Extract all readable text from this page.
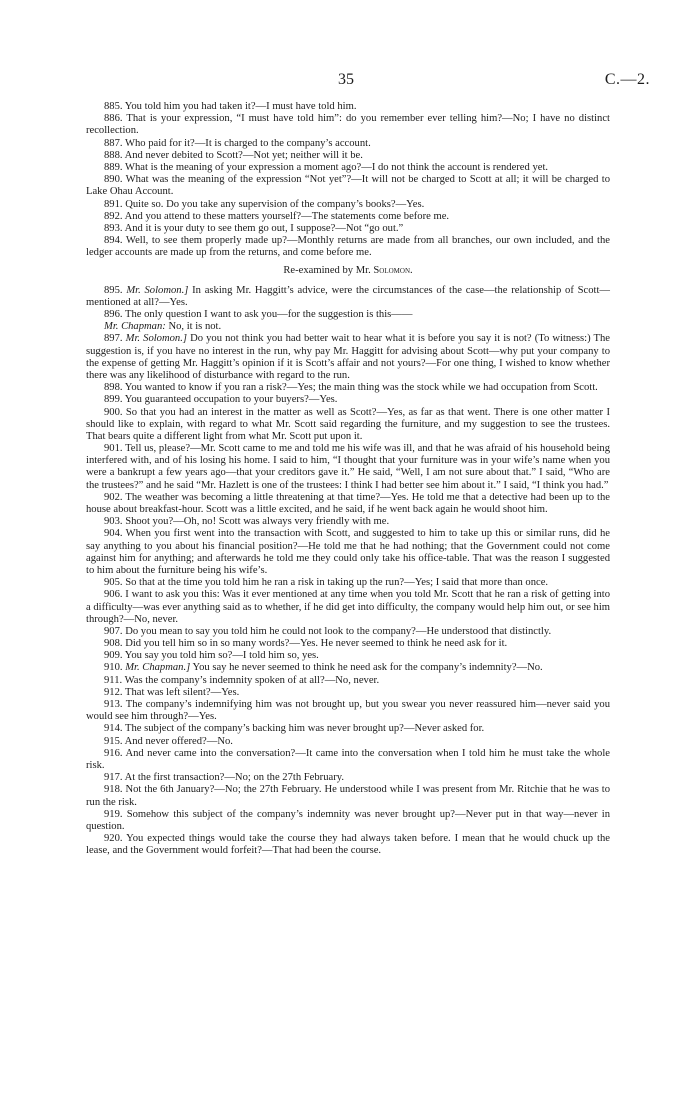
35	C.—2.

885. You told him you had taken it?—I must have told him.

886. That is your expression, “I must have told him”: do you remember ever telling him?—No; I have no distinct recollection.

887. Who paid for it?—It is charged to the company’s account.

888. And never debited to Scott?—Not yet; neither will it be.

889. What is the meaning of your expression a moment ago?—I do not think the account is rendered yet.

890. What was the meaning of the expression “Not yet”?—It will not be charged to Scott at all; it will be charged to Lake Ohau Account.

891. Quite so. Do you take any supervision of the company’s books?—Yes.

892. And you attend to these matters yourself?—The statements come before me.

893. And it is your duty to see them go out, I suppose?—Not “go out.”

894. Well, to see them properly made up?—Monthly returns are made from all branches, our own included, and the ledger accounts are made up from the returns, and come before me.

Re-examined by Mr. Solomon.

895. Mr. Solomon.] In asking Mr. Haggitt’s advice, were the circumstances of the case—the relationship of Scott—mentioned at all?—Yes.

896. The only question I want to ask you—for the suggestion is this——

Mr. Chapman: No, it is not.

897. Mr. Solomon.] Do you not think you had better wait to hear what it is before you say it is not? (To witness:) The suggestion is, if you have no interest in the run, why pay Mr. Haggitt for advising about Scott—why put your company to the expense of getting Mr. Haggitt’s opinion if it is Scott’s affair and not yours?—For one thing, I wished to know whether there was any likelihood of disturbance with regard to the run.

898. You wanted to know if you ran a risk?—Yes; the main thing was the stock while we had occupation from Scott.

899. You guaranteed occupation to your buyers?—Yes.

900. So that you had an interest in the matter as well as Scott?—Yes, as far as that went. There is one other matter I should like to explain, with regard to what Mr. Scott said regarding the furniture, and my suggestion to see the trustees. That bears quite a different light from what Mr. Scott put upon it.

901. Tell us, please?—Mr. Scott came to me and told me his wife was ill, and that he was afraid of his household being interfered with, and of his losing his home. I said to him, “I thought that your furniture was in your wife’s name when you were a bankrupt a few years ago—that your creditors gave it.” He said, “Well, I am not sure about that.” I said, “Who are the trustees?” and he said “Mr. Hazlett is one of the trustees: I think I had better see him about it.” I said, “I think you had.”

902. The weather was becoming a little threatening at that time?—Yes. He told me that a detective had been up to the house about breakfast-hour. Scott was a little excited, and he said, if he went back again he would shoot him.

903. Shoot you?—Oh, no! Scott was always very friendly with me.

904. When you first went into the transaction with Scott, and suggested to him to take up this or similar runs, did he say anything to you about his financial position?—He told me that he had nothing; that the Government could not come against him for anything; and afterwards he told me they could only take his office-table. That was the reason I suggested to him about the furniture being his wife’s.

905. So that at the time you told him he ran a risk in taking up the run?—Yes; I said that more than once.

906. I want to ask you this: Was it ever mentioned at any time when you told Mr. Scott that he ran a risk of getting into a difficulty—was ever anything said as to whether, if he did get into difficulty, the company would help him out, or see him through?—No, never.

907. Do you mean to say you told him he could not look to the company?—He understood that distinctly.

908. Did you tell him so in so many words?—Yes. He never seemed to think he need ask for it.

909. You say you told him so?—I told him so, yes.

910. Mr. Chapman.] You say he never seemed to think he need ask for the company’s indemnity?—No.

911. Was the company’s indemnity spoken of at all?—No, never.

912. That was left silent?—Yes.

913. The company’s indemnifying him was not brought up, but you swear you never reassured him—never said you would see him through?—Yes.

914. The subject of the company’s backing him was never brought up?—Never asked for.

915. And never offered?—No.

916. And never came into the conversation?—It came into the conversation when I told him he must take the whole risk.

917. At the first transaction?—No; on the 27th February.

918. Not the 6th January?—No; the 27th February. He understood while I was present from Mr. Ritchie that he was to run the risk.

919. Somehow this subject of the company’s indemnity was never brought up?—Never put in that way—never in question.

920. You expected things would take the course they had always taken before. I mean that he would chuck up the lease, and the Government would forfeit?—That had been the course.
